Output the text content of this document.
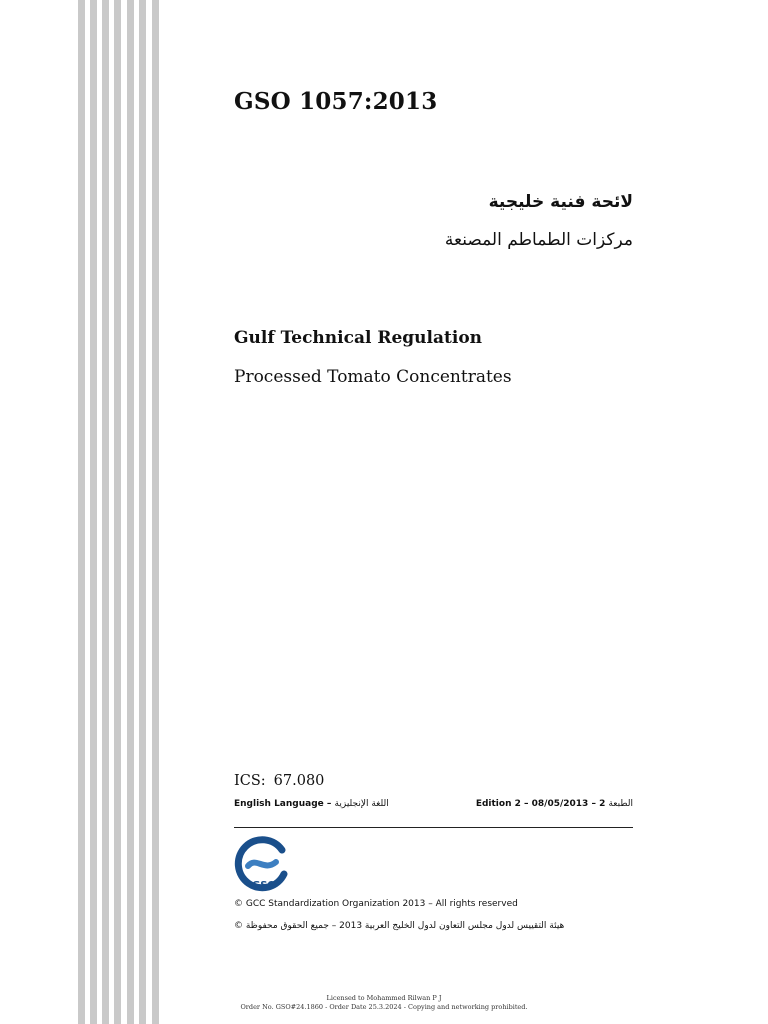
GSO 1057:2013
لائحة فنية خليجية
مركزات الطماطم المصنعة
Gulf Technical Regulation
Processed Tomato Concentrates
ICS: 67.080
English Language – اللغة الإنجليزية	Edition 2 – 08/05/2013 – 2 الطبعة
GSO
© GCC Standardization Organization 2013 – All rights reserved
هيئة التقييس لدول مجلس التعاون لدول الخليج العربية 2013 – جميع الحقوق محفوظة ©
Licensed to Mohammed Rilwan P J
Order No. GSO#24.1860 - Order Date 25.3.2024 - Copying and networking prohibited.
